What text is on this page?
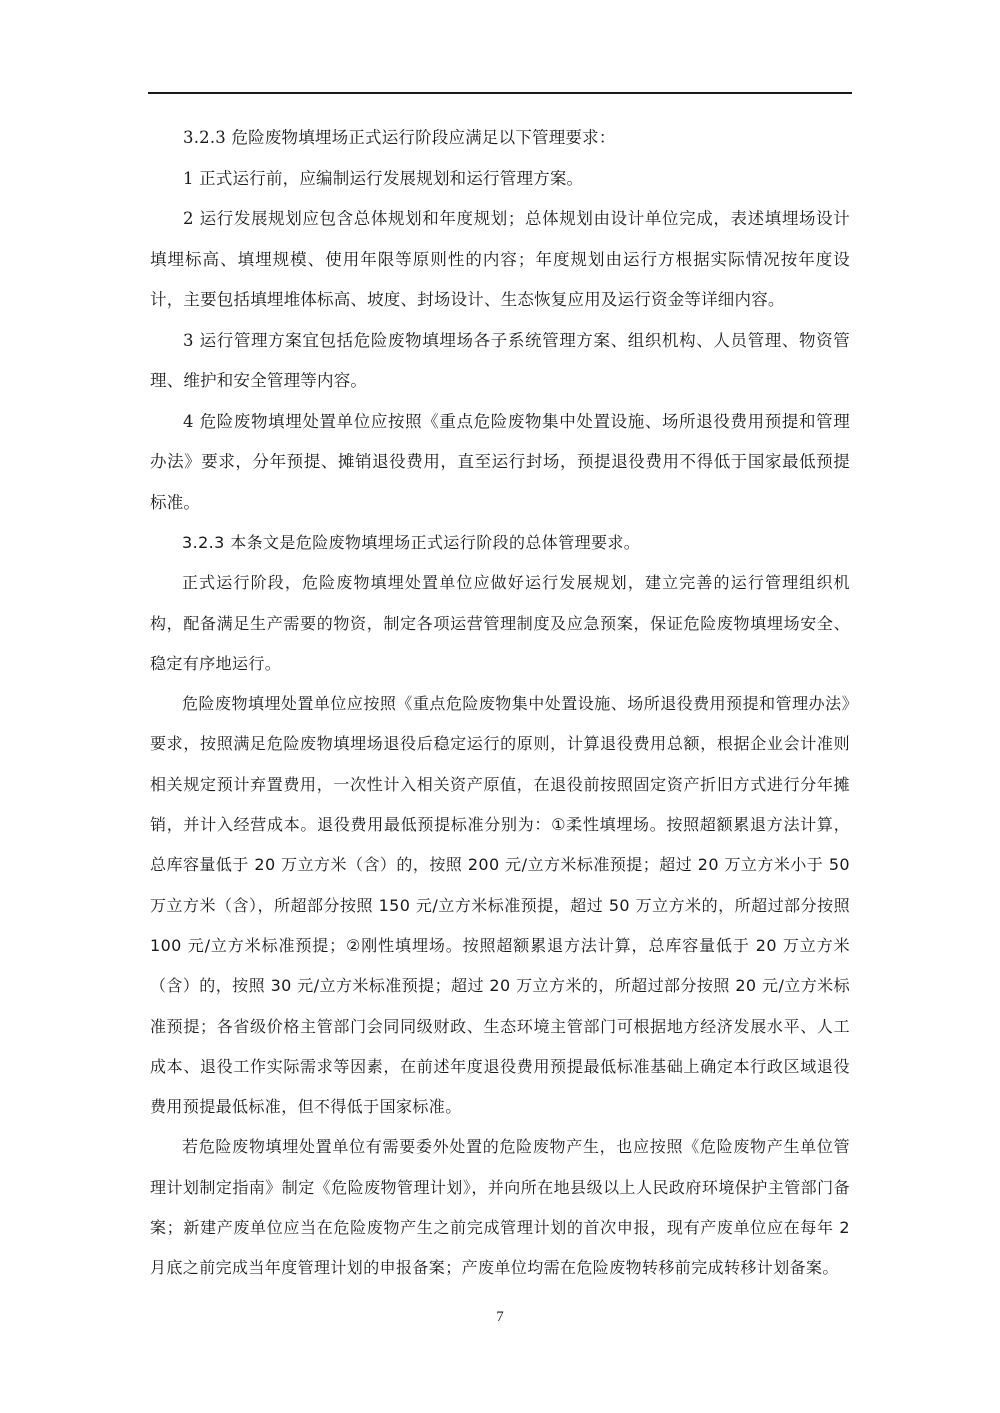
3.2.3 危险废物填埋场正式运行阶段应满足以下管理要求：

1 正式运行前，应编制运行发展规划和运行管理方案。

2 运行发展规划应包含总体规划和年度规划；总体规划由设计单位完成，表述填埋场设计填埋标高、填埋规模、使用年限等原则性的内容；年度规划由运行方根据实际情况按年度设计，主要包括填埋堆体标高、坡度、封场设计、生态恢复应用及运行资金等详细内容。

3 运行管理方案宜包括危险废物填埋场各子系统管理方案、组织机构、人员管理、物资管理、维护和安全管理等内容。

4 危险废物填埋处置单位应按照《重点危险废物集中处置设施、场所退役费用预提和管理办法》要求，分年预提、摊销退役费用，直至运行封场，预提退役费用不得低于国家最低预提标准。

3.2.3 本条文是危险废物填埋场正式运行阶段的总体管理要求。

正式运行阶段，危险废物填埋处置单位应做好运行发展规划，建立完善的运行管理组织机构，配备满足生产需要的物资，制定各项运营管理制度及应急预案，保证危险废物填埋场安全、稳定有序地运行。

危险废物填埋处置单位应按照《重点危险废物集中处置设施、场所退役费用预提和管理办法》要求，按照满足危险废物填埋场退役后稳定运行的原则，计算退役费用总额，根据企业会计准则相关规定预计弃置费用，一次性计入相关资产原值，在退役前按照固定资产折旧方式进行分年摊销，并计入经营成本。退役费用最低预提标准分别为：①柔性填埋场。按照超额累退方法计算，总库容量低于 20 万立方米（含）的，按照 200 元/立方米标准预提；超过 20 万立方米小于 50 万立方米（含），所超部分按照 150 元/立方米标准预提，超过 50 万立方米的，所超过部分按照 100 元/立方米标准预提；②刚性填埋场。按照超额累退方法计算，总库容量低于 20 万立方米（含）的，按照 30 元/立方米标准预提；超过 20 万立方米的，所超过部分按照 20 元/立方米标准预提；各省级价格主管部门会同同级财政、生态环境主管部门可根据地方经济发展水平、人工成本、退役工作实际需求等因素，在前述年度退役费用预提最低标准基础上确定本行政区域退役费用预提最低标准，但不得低于国家标准。

若危险废物填埋处置单位有需要委外处置的危险废物产生，也应按照《危险废物产生单位管理计划制定指南》制定《危险废物管理计划》，并向所在地县级以上人民政府环境保护主管部门备案；新建产废单位应当在危险废物产生之前完成管理计划的首次申报，现有产废单位应在每年 2 月底之前完成当年度管理计划的申报备案；产废单位均需在危险废物转移前完成转移计划备案。

7
